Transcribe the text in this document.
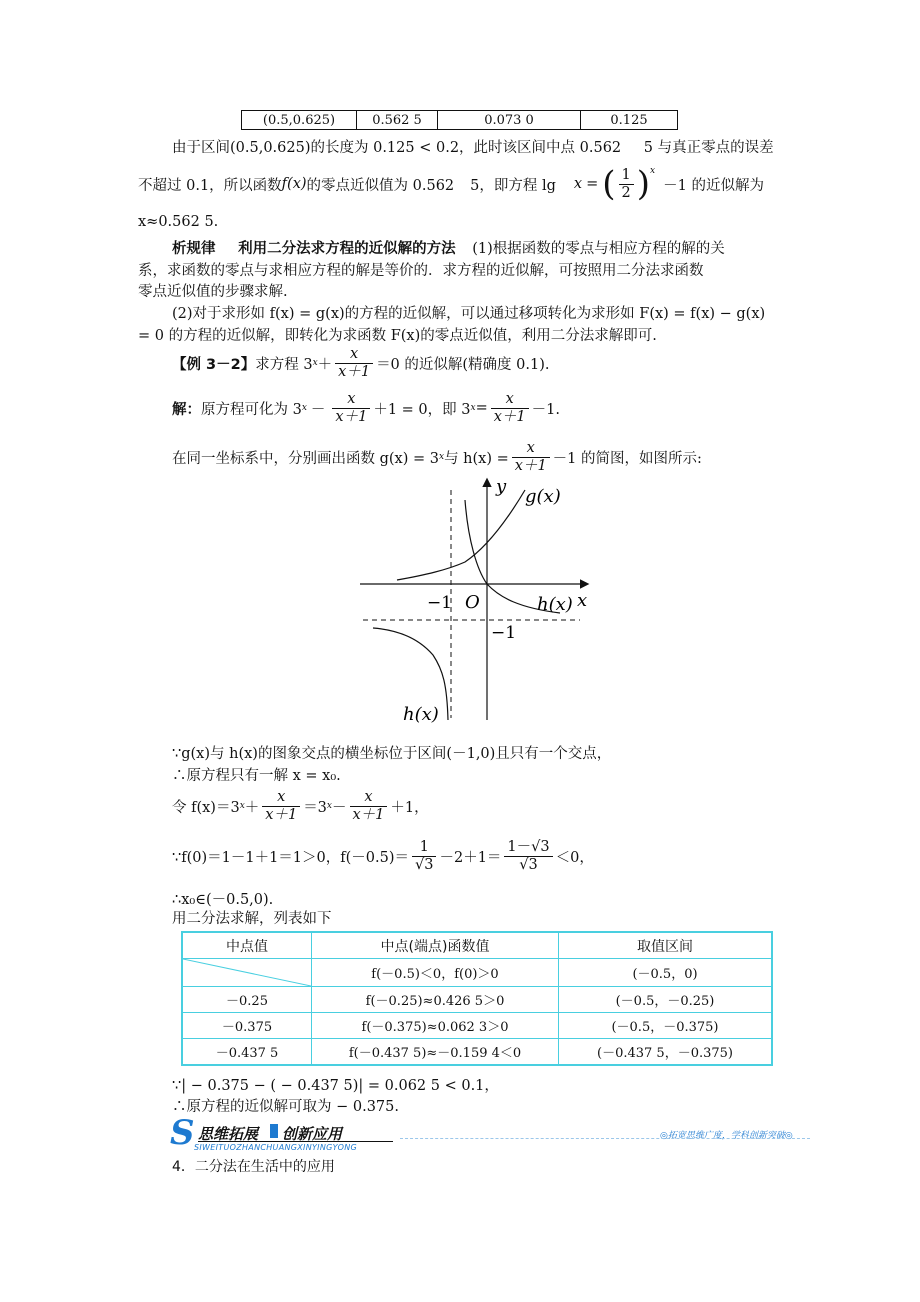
(0.5,0.625)	0.562 5	0.073 0	0.125
由于区间(0.5,0.625)的长度为 0.125 < 0.2，此时该区间中点 0.562 5 与真正零点的误差
不超过 0.1，所以函数 f(x) 的零点近似值为 0.562 5，即方程 lg x = ( $\frac{1}{2}$ ) x
－1 的近似解为
x≈0.562 5.
析规律 利用二分法求方程的近似解的方法 (1)根据函数的零点与相应方程的解的关
系，求函数的零点与求相应方程的解是等价的．求方程的近似解，可按照用二分法求函数
零点近似值的步骤求解.
(2)对于求形如 f(x) = g(x)的方程的近似解，可以通过移项转化为求形如 F(x) = f(x) − g(x)
= 0 的方程的近似解，即转化为求函数 F(x)的零点近似值，利用二分法求解即可.
【例 3－2】 求方程 3 $x + \frac{x}{x+1} =0$ 的近似解(精确度 0.1).
解： 原方程可化为 3 $x - \frac{x}{x+1} +1 = 0$，即 3 $x = \frac{x}{x+1} -1$.
在同一坐标系中，分别画出函数 g(x) = 3 x 与 $h(x) = \frac{x}{x+1} -1$ 的简图，如图所示:
y
x
O
−1
−1
g(x)
h(x)
h(x)
∵g(x)与 h(x)的图象交点的横坐标位于区间(－1,0)且只有一个交点，
∴原方程只有一解 x = x₀.
令 f(x)＝3 $x + \frac{x}{x+1} =3$ $x - \frac{x}{x+1} +1$，
∵f(0)＝1－1＋1＝1＞0，$f(-0.5)= \frac{1}{√3} -2+1= \frac{1-√3}{√3} <0$，
∴x₀∈(－0.5,0).
用二分法求解，列表如下
中点值	中点(端点)函数值	取值区间

	f(－0.5)＜0，f(0)＞0	(－0.5，0)
－0.25	f(－0.25)≈0.426 5＞0	(－0.5，－0.25)
－0.375	f(－0.375)≈0.062 3＞0	(－0.5，－0.375)
－0.437 5	f(－0.437 5)≈－0.159 4＜0	(－0.437 5，－0.375)
∵| − 0.375 − ( − 0.437 5)| = 0.062 5 < 0.1，
∴原方程的近似解可取为 − 0.375.
S 思维拓展 创新应用
SIWEITUOZHANCHUANGXINYINGYONG
◎拓宽思维广度，学科创新突破◎
4．二分法在生活中的应用
